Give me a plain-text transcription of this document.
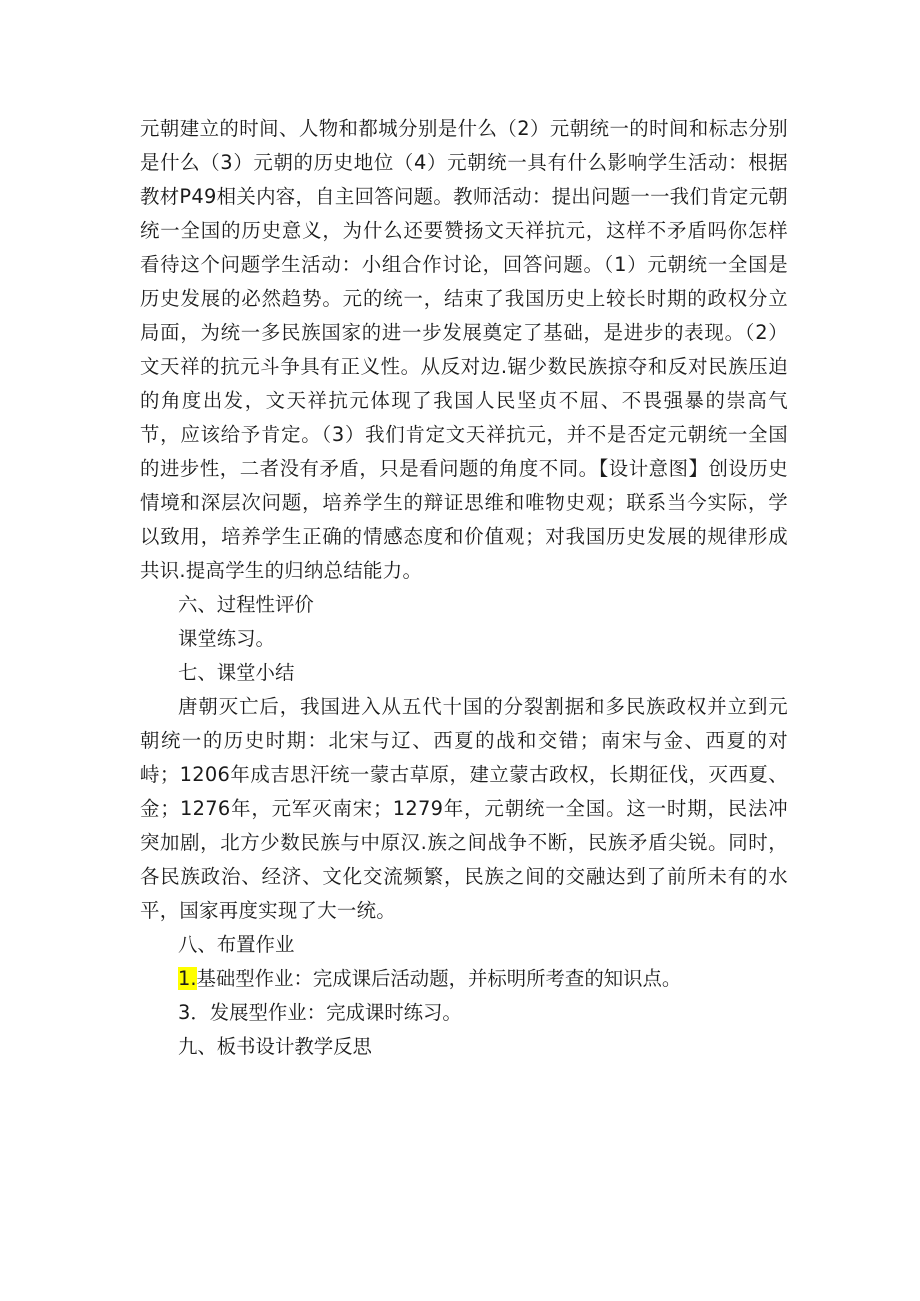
元朝建立的时间、人物和都城分别是什么（2）元朝统一的时间和标志分别是什么（3）元朝的历史地位（4）元朝统一具有什么影响学生活动：根据教材P49相关内容，自主回答问题。教师活动：提出问题一一我们肯定元朝统一全国的历史意义，为什么还要赞扬文天祥抗元，这样不矛盾吗你怎样看待这个问题学生活动：小组合作讨论，回答问题。（1）元朝统一全国是历史发展的必然趋势。元的统一，结束了我国历史上较长时期的政权分立局面，为统一多民族国家的进一步发展奠定了基础，是进步的表现。（2）文天祥的抗元斗争具有正义性。从反对边.锯少数民族掠夺和反对民族压迫的角度出发，文天祥抗元体现了我国人民坚贞不屈、不畏强暴的崇高气节，应该给予肯定。（3）我们肯定文天祥抗元，并不是否定元朝统一全国的进步性，二者没有矛盾，只是看问题的角度不同。【设计意图】创设历史情境和深层次问题，培养学生的辩证思维和唯物史观；联系当今实际，学以致用，培养学生正确的情感态度和价值观；对我国历史发展的规律形成共识.提高学生的归纳总结能力。

六、过程性评价

课堂练习。

七、课堂小结

唐朝灭亡后，我国进入从五代十国的分裂割据和多民族政权并立到元朝统一的历史时期：北宋与辽、西夏的战和交错；南宋与金、西夏的对峙；1206年成吉思汗统一蒙古草原，建立蒙古政权，长期征伐，灭西夏、金；1276年，元军灭南宋；1279年，元朝统一全国。这一时期，民法冲突加剧，北方少数民族与中原汉.族之间战争不断，民族矛盾尖锐。同时，各民族政治、经济、文化交流频繁，民族之间的交融达到了前所未有的水平，国家再度实现了大一统。

八、布置作业

1.基础型作业：完成课后活动题，并标明所考查的知识点。

3．发展型作业：完成课时练习。

九、板书设计教学反思
